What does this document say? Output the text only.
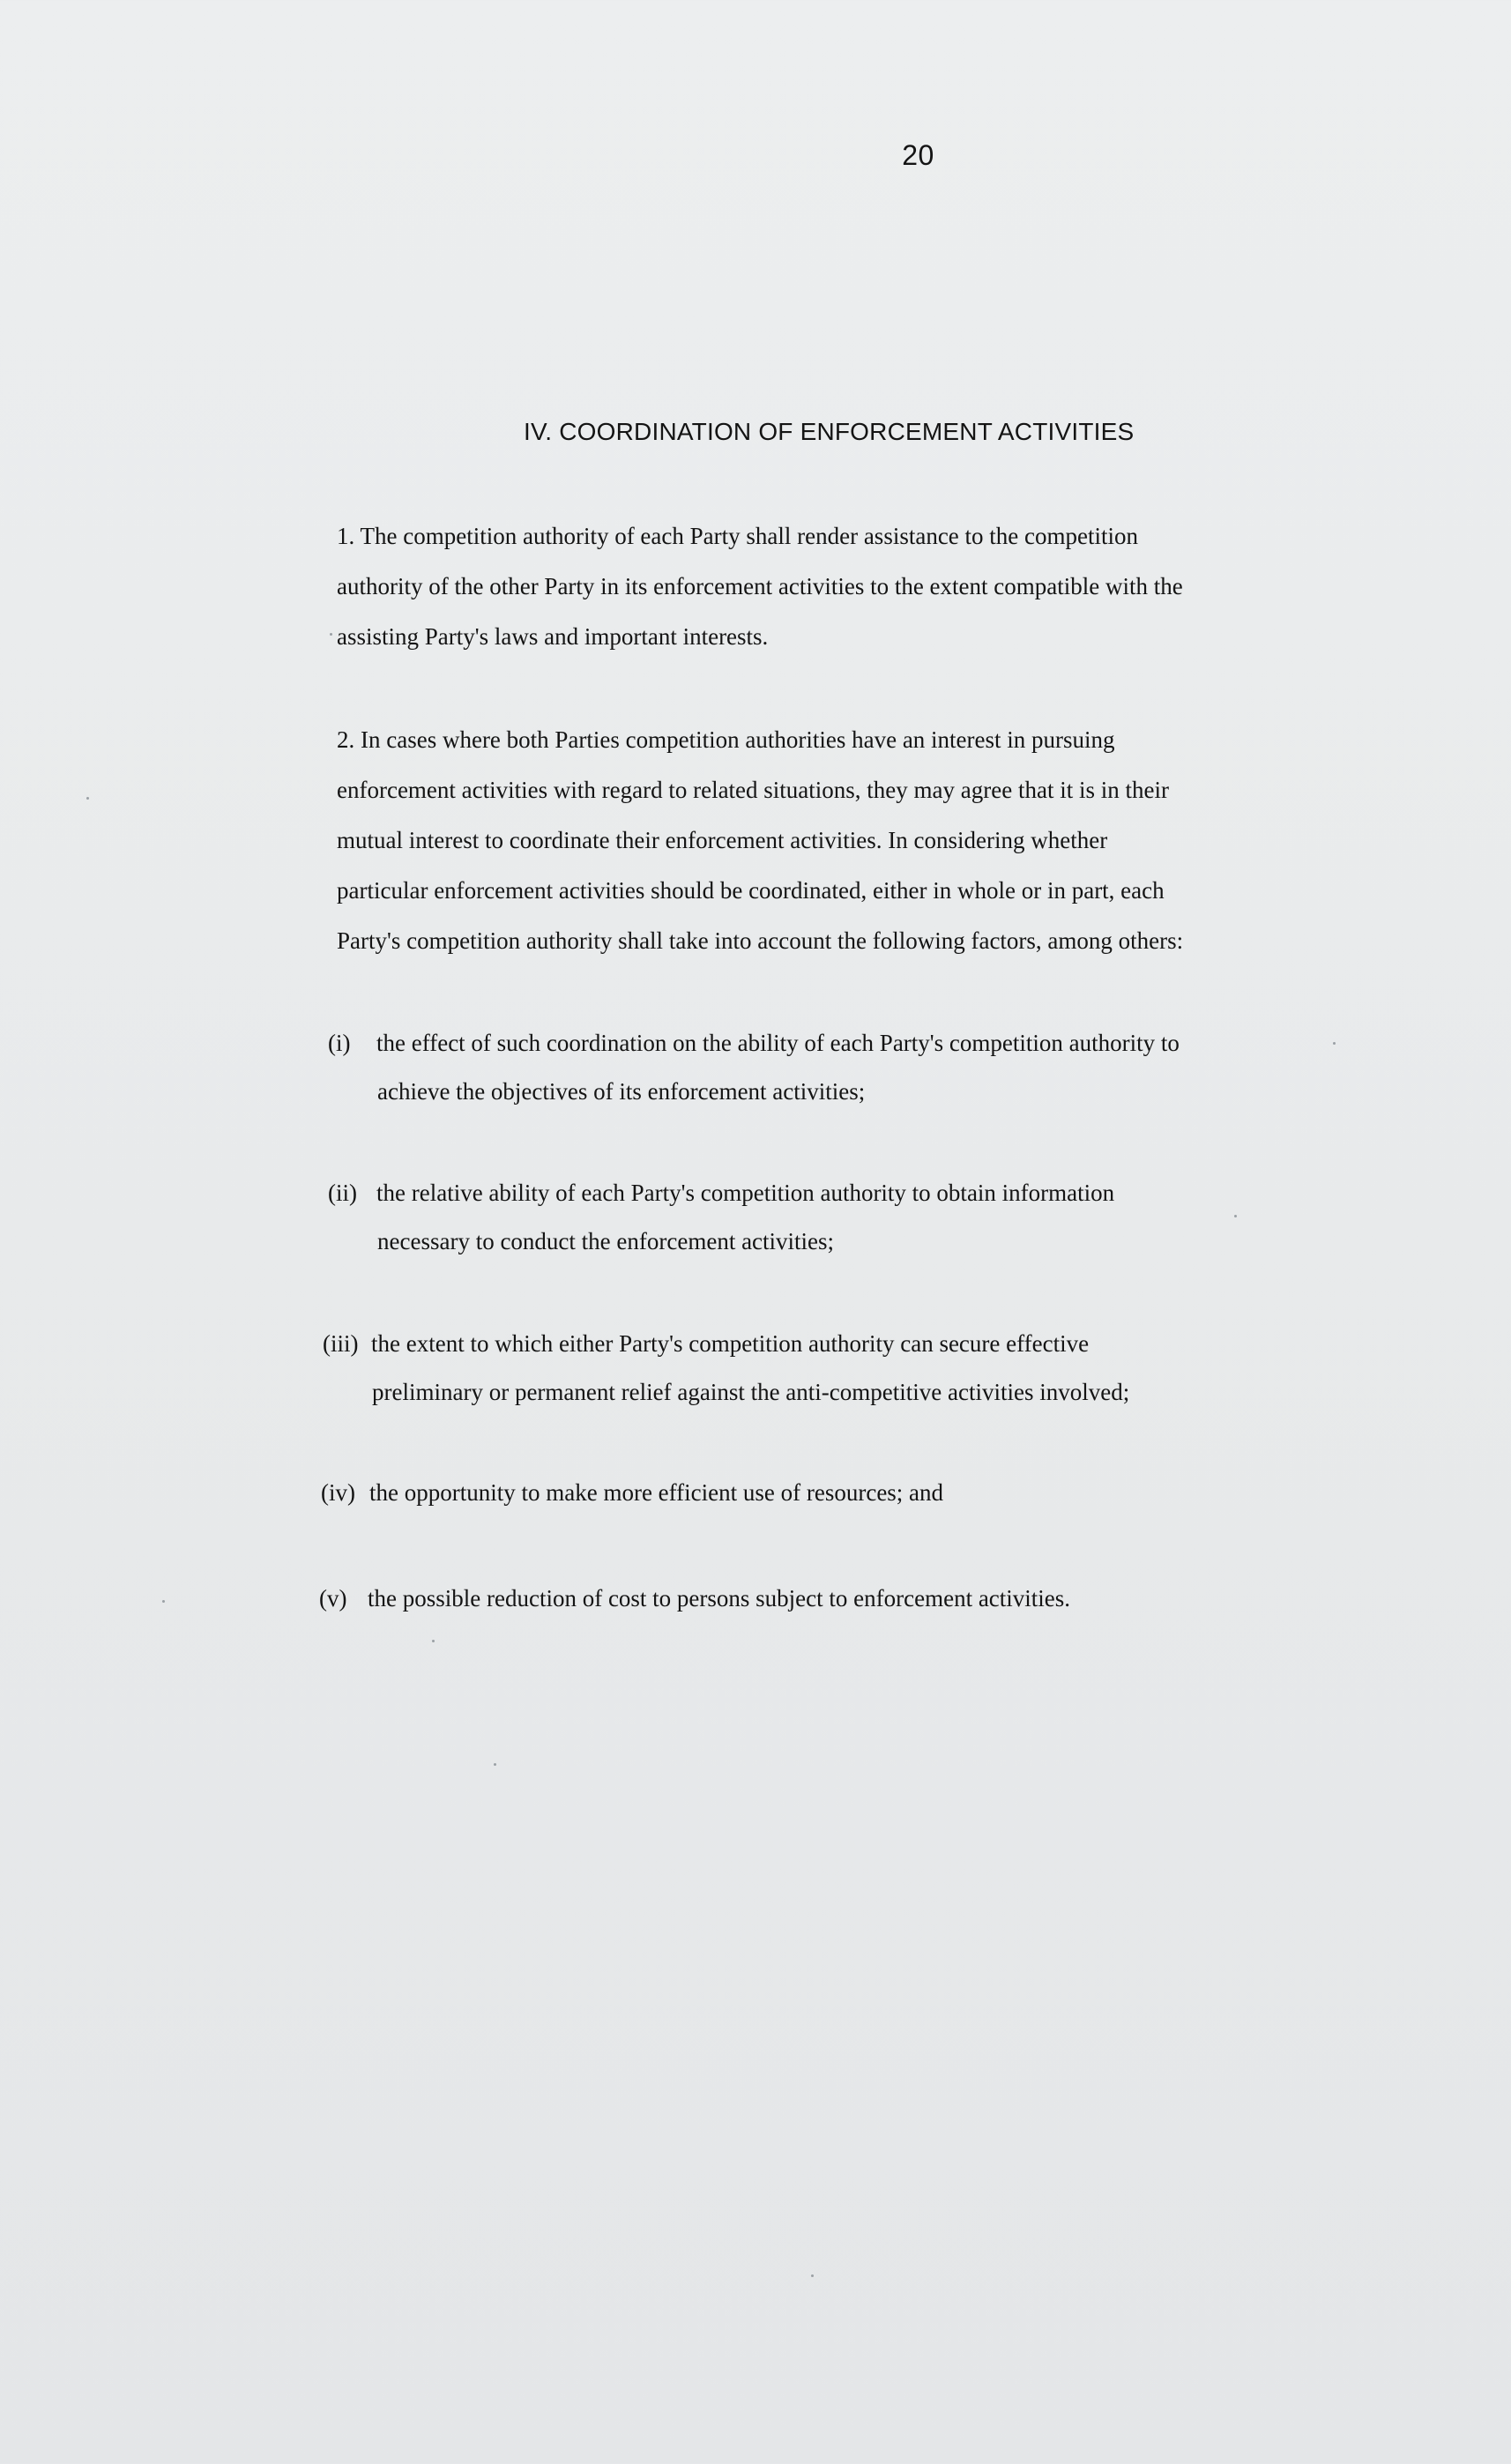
20
IV. COORDINATION OF ENFORCEMENT ACTIVITIES
1. The competition authority of each Party shall render assistance to the competition
authority of the other Party in its enforcement activities to the extent compatible with the
assisting Party's laws and important interests.
2. In cases where both Parties competition authorities have an interest in pursuing
enforcement activities with regard to related situations, they may agree that it is in their
mutual interest to coordinate their enforcement activities. In considering whether
particular enforcement activities should be coordinated, either in whole or in part, each
Party's competition authority shall take into account the following factors, among others:
(i) the effect of such coordination on the ability of each Party's competition authority to
achieve the objectives of its enforcement activities;
(ii) the relative ability of each Party's competition authority to obtain information
necessary to conduct the enforcement activities;
(iii) the extent to which either Party's competition authority can secure effective
preliminary or permanent relief against the anti-competitive activities involved;
(iv) the opportunity to make more efficient use of resources; and
(v) the possible reduction of cost to persons subject to enforcement activities.
